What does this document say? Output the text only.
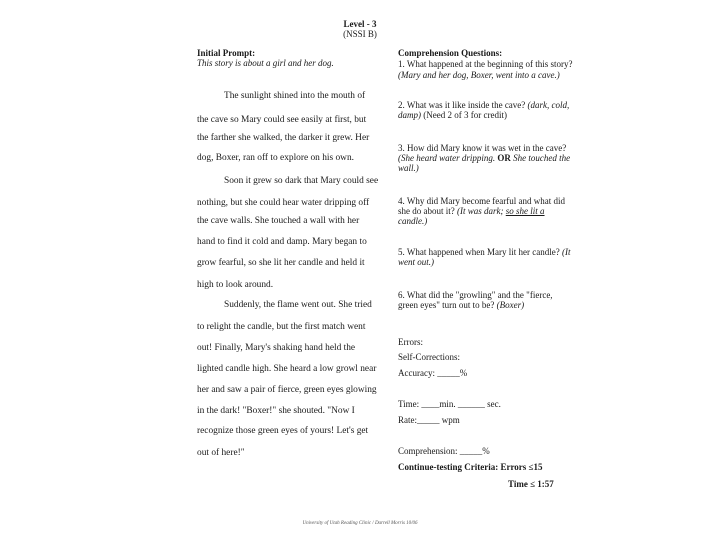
Level - 3
(NSSI B)
Initial Prompt:
This story is about a girl and her dog.
The sunlight shined into the mouth of
the cave so Mary could see easily at first, but
the farther she walked, the darker it grew. Her
dog, Boxer, ran off to explore on his own.
Soon it grew so dark that Mary could see
nothing, but she could hear water dripping off
the cave walls. She touched a wall with her
hand to find it cold and damp. Mary began to
grow fearful, so she lit her candle and held it
high to look around.
Suddenly, the flame went out. She tried
to relight the candle, but the first match went
out! Finally, Mary's shaking hand held the
lighted candle high. She heard a low growl near
her and saw a pair of fierce, green eyes glowing
in the dark! "Boxer!" she shouted. "Now I
recognize those green eyes of yours! Let's get
out of here!"
Comprehension Questions:
1. What happened at the beginning of this story?
(Mary and her dog, Boxer, went into a cave.)
2. What was it like inside the cave? (dark, cold,
damp) (Need 2 of 3 for credit)
3. How did Mary know it was wet in the cave?
(She heard water dripping. OR She touched the
wall.)
4. Why did Mary become fearful and what did
she do about it? (It was dark; so she lit a
candle.)
5. What happened when Mary lit her candle? (It
went out.)
6. What did the "growling" and the "fierce,
green eyes" turn out to be? (Boxer)
Errors:
Self-Corrections:
Accuracy: _____%
Time: ____min. ______ sec.
Rate:_____ wpm
Comprehension: _____%
Continue-testing Criteria: Errors ≤15
Time ≤ 1:57
University of Utah Reading Clinic / Darrell Morris 10/06
